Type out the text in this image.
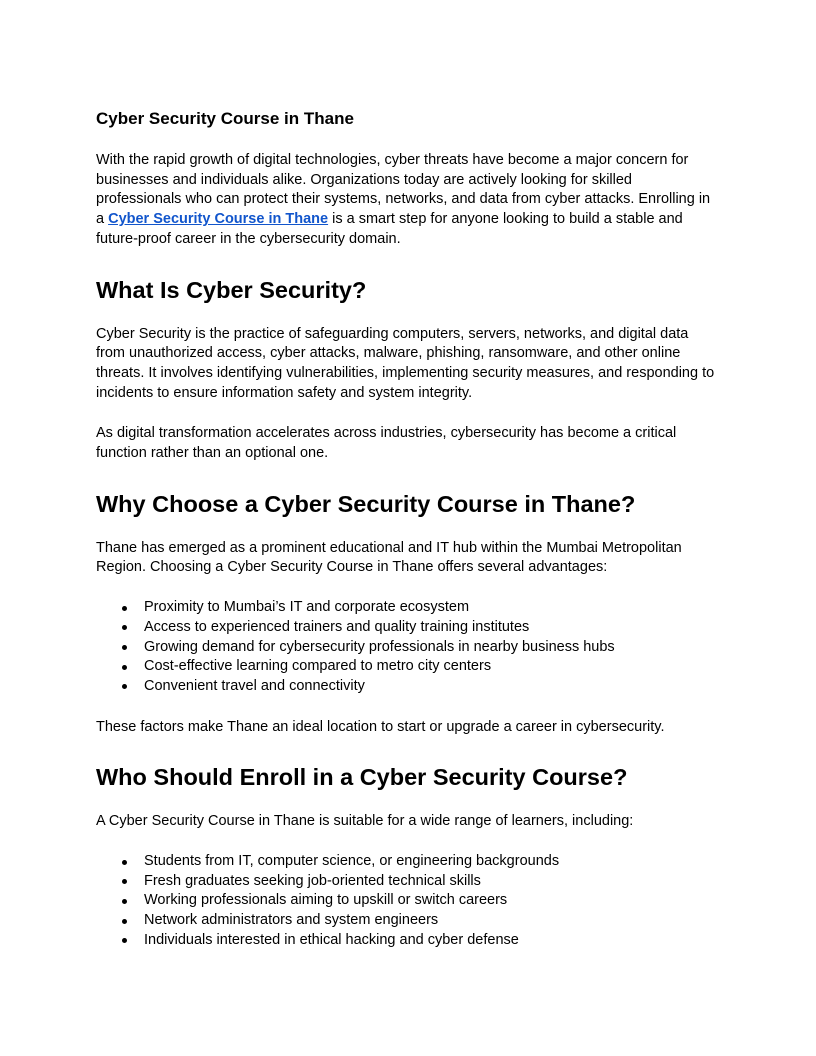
Cyber Security Course in Thane

With the rapid growth of digital technologies, cyber threats have become a major concern for businesses and individuals alike. Organizations today are actively looking for skilled professionals who can protect their systems, networks, and data from cyber attacks. Enrolling in a Cyber Security Course in Thane is a smart step for anyone looking to build a stable and future-proof career in the cybersecurity domain.

What Is Cyber Security?

Cyber Security is the practice of safeguarding computers, servers, networks, and digital data from unauthorized access, cyber attacks, malware, phishing, ransomware, and other online threats. It involves identifying vulnerabilities, implementing security measures, and responding to incidents to ensure information safety and system integrity.

As digital transformation accelerates across industries, cybersecurity has become a critical function rather than an optional one.

Why Choose a Cyber Security Course in Thane?

Thane has emerged as a prominent educational and IT hub within the Mumbai Metropolitan Region. Choosing a Cyber Security Course in Thane offers several advantages:

Proximity to Mumbai’s IT and corporate ecosystem
Access to experienced trainers and quality training institutes
Growing demand for cybersecurity professionals in nearby business hubs
Cost-effective learning compared to metro city centers
Convenient travel and connectivity

These factors make Thane an ideal location to start or upgrade a career in cybersecurity.

Who Should Enroll in a Cyber Security Course?

A Cyber Security Course in Thane is suitable for a wide range of learners, including:

Students from IT, computer science, or engineering backgrounds
Fresh graduates seeking job-oriented technical skills
Working professionals aiming to upskill or switch careers
Network administrators and system engineers
Individuals interested in ethical hacking and cyber defense
